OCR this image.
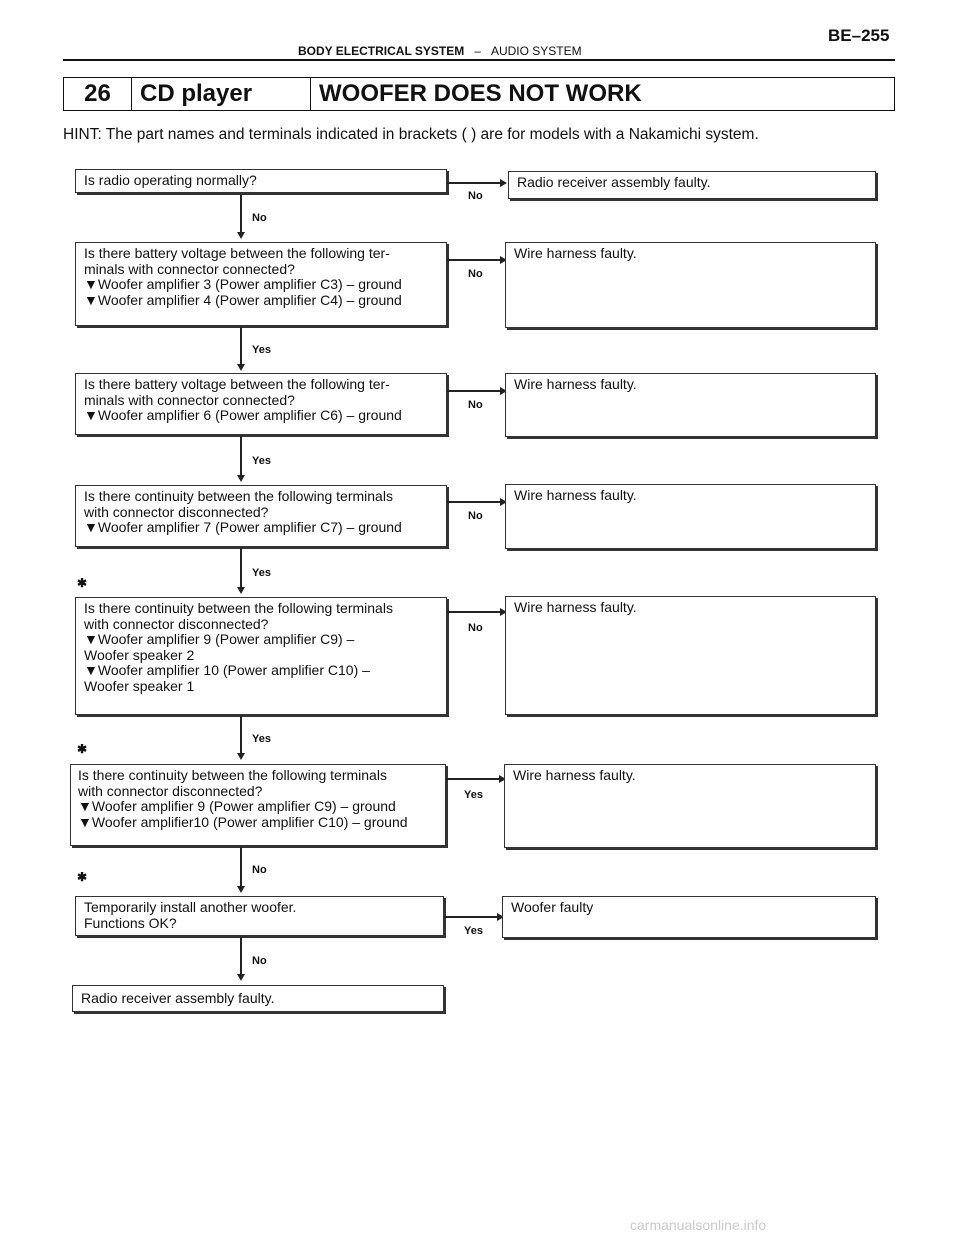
BODY ELECTRICAL SYSTEM – AUDIO SYSTEM
BE–255
26	CD player	WOOFER DOES NOT WORK
HINT: The part names and terminals indicated in brackets ( ) are for models with a Nakamichi system.
Is radio operating normally?
No
Radio receiver assembly faulty.
No
Is there battery voltage between the following ter-
minals with connector connected?
▼Woofer amplifier 3 (Power amplifier C3) – ground
▼Woofer amplifier 4 (Power amplifier C4) – ground
No
Wire harness faulty.
Yes
Is there battery voltage between the following ter-
minals with connector connected?
▼Woofer amplifier 6 (Power amplifier C6) – ground
No
Wire harness faulty.
Yes
Is there continuity between the following terminals
with connector disconnected?
▼Woofer amplifier 7 (Power amplifier C7) – ground
No
Wire harness faulty.
Yes
✱
Is there continuity between the following terminals
with connector disconnected?
▼Woofer amplifier 9 (Power amplifier C9) –
Woofer speaker 2
▼Woofer amplifier 10 (Power amplifier C10) –
Woofer speaker 1
No
Wire harness faulty.
Yes
✱
Is there continuity between the following terminals
with connector disconnected?
▼Woofer amplifier 9 (Power amplifier C9) – ground
▼Woofer amplifier10 (Power amplifier C10) – ground
Yes
Wire harness faulty.
No
✱
Temporarily install another woofer.
Functions OK?
Yes
Woofer faulty
No
Radio receiver assembly faulty.
carmanualsonline.info
